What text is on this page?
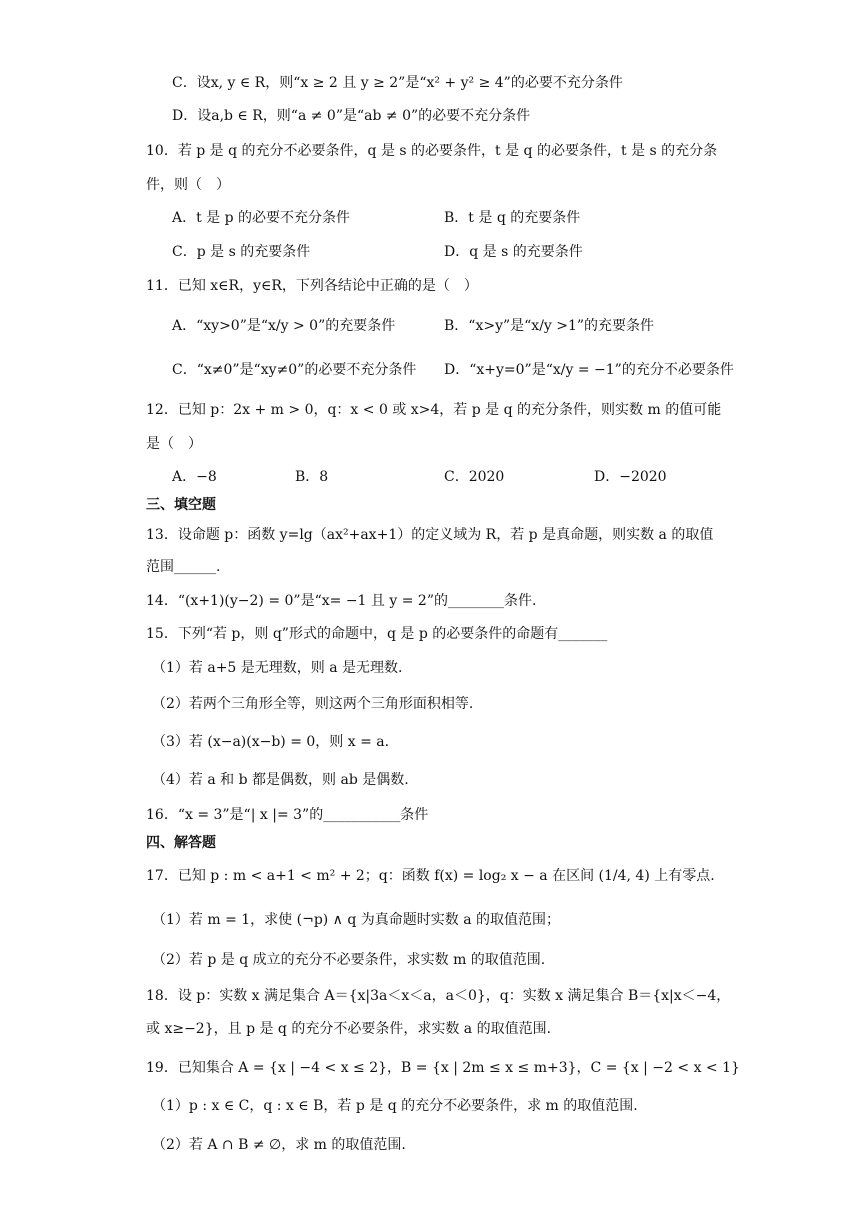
C．设x, y ∈ R，则“x ≥ 2 且 y ≥ 2”是“x² + y² ≥ 4”的必要不充分条件
D．设a,b ∈ R，则“a ≠ 0”是“ab ≠ 0”的必要不充分条件
10．若 p 是 q 的充分不必要条件，q 是 s 的必要条件，t 是 q 的必要条件，t 是 s 的充分条
件，则（　）
A．t 是 p 的必要不充分条件	B．t 是 q 的充要条件
C．p 是 s 的充要条件	D．q 是 s 的充要条件
11．已知 x∈R，y∈R，下列各结论中正确的是（　）
A．“xy>0”是“x/y > 0”的充要条件	B．“x>y”是“x/y >1”的充要条件
C．“x≠0”是“xy≠0”的必要不充分条件 D．“x+y=0”是“x/y = −1”的充分不必要条件
12．已知 p：2x + m > 0，q：x < 0 或 x>4，若 p 是 q 的充分条件，则实数 m 的值可能
是（　）
A．−8	B．8	C．2020	D．−2020
三、填空题
13．设命题 p：函数 y=lg（ax²+ax+1）的定义域为 R，若 p 是真命题，则实数 a 的取值
范围______.
14．“(x+1)(y−2) = 0”是“x= −1 且 y = 2”的________条件.
15．下列“若 p，则 q”形式的命题中，q 是 p 的必要条件的命题有_______
（1）若 a+5 是无理数，则 a 是无理数.
（2）若两个三角形全等，则这两个三角形面积相等.
（3）若 (x−a)(x−b) = 0，则 x = a.
（4）若 a 和 b 都是偶数，则 ab 是偶数.
16．“x = 3”是“| x |= 3”的___________条件
四、解答题
17．已知 p : m < a+1 < m² + 2；q：函数 f(x) = log₂ x − a 在区间 (1/4, 4) 上有零点.
（1）若 m = 1，求使 (¬p) ∧ q 为真命题时实数 a 的取值范围；
（2）若 p 是 q 成立的充分不必要条件，求实数 m 的取值范围.
18．设 p：实数 x 满足集合 A＝{x|3a＜x＜a，a＜0}，q：实数 x 满足集合 B＝{x|x＜−4，
或 x≥−2}，且 p 是 q 的充分不必要条件，求实数 a 的取值范围.
19．已知集合 A = {x | −4 < x ≤ 2}，B = {x | 2m ≤ x ≤ m+3}，C = {x | −2 < x < 1}
（1）p : x ∈ C，q : x ∈ B，若 p 是 q 的充分不必要条件，求 m 的取值范围.
（2）若 A ∩ B ≠ ∅，求 m 的取值范围.
